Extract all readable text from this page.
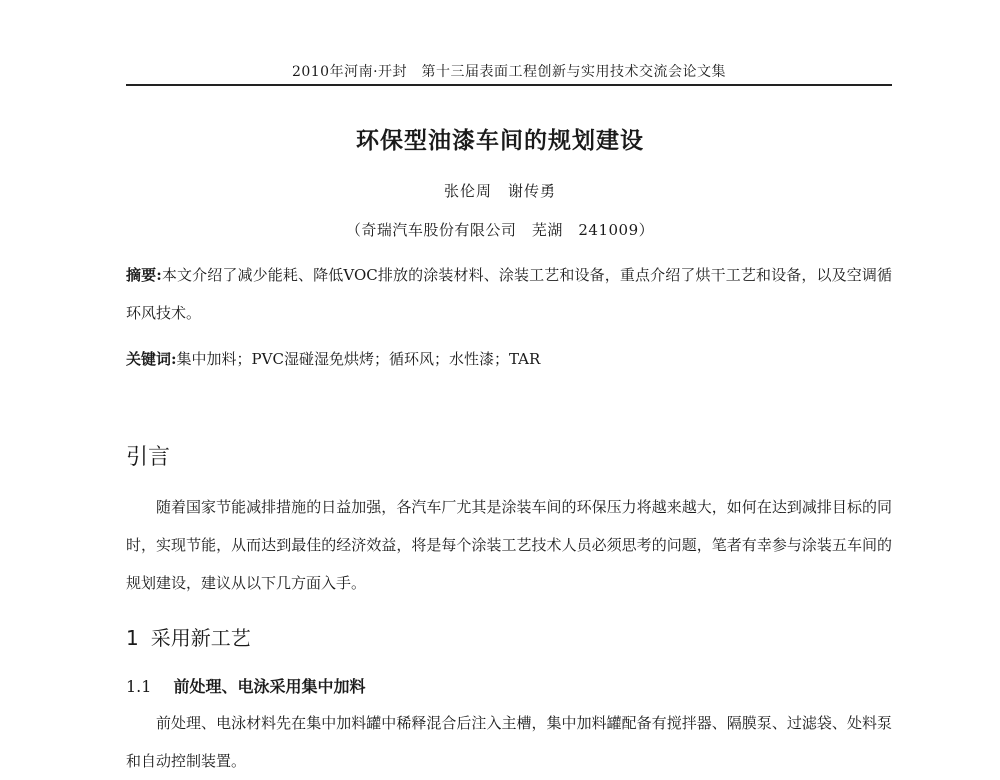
2010年河南·开封　第十三届表面工程创新与实用技术交流会论文集
环保型油漆车间的规划建设
张伦周　谢传勇
（奇瑞汽车股份有限公司　芜湖　241009）
摘要:本文介绍了减少能耗、降低VOC排放的涂装材料、涂装工艺和设备，重点介绍了烘干工艺和设备，以及空调循环风技术。
关键词:集中加料；PVC湿碰湿免烘烤；循环风；水性漆；TAR
引言
随着国家节能减排措施的日益加强，各汽车厂尤其是涂装车间的环保压力将越来越大，如何在达到减排目标的同时，实现节能，从而达到最佳的经济效益，将是每个涂装工艺技术人员必须思考的问题，笔者有幸参与涂装五车间的规划建设，建议从以下几方面入手。
1 采用新工艺
1.1 前处理、电泳采用集中加料
前处理、电泳材料先在集中加料罐中稀释混合后注入主槽，集中加料罐配备有搅拌器、隔膜泵、过滤袋、处料泵和自动控制装置。
